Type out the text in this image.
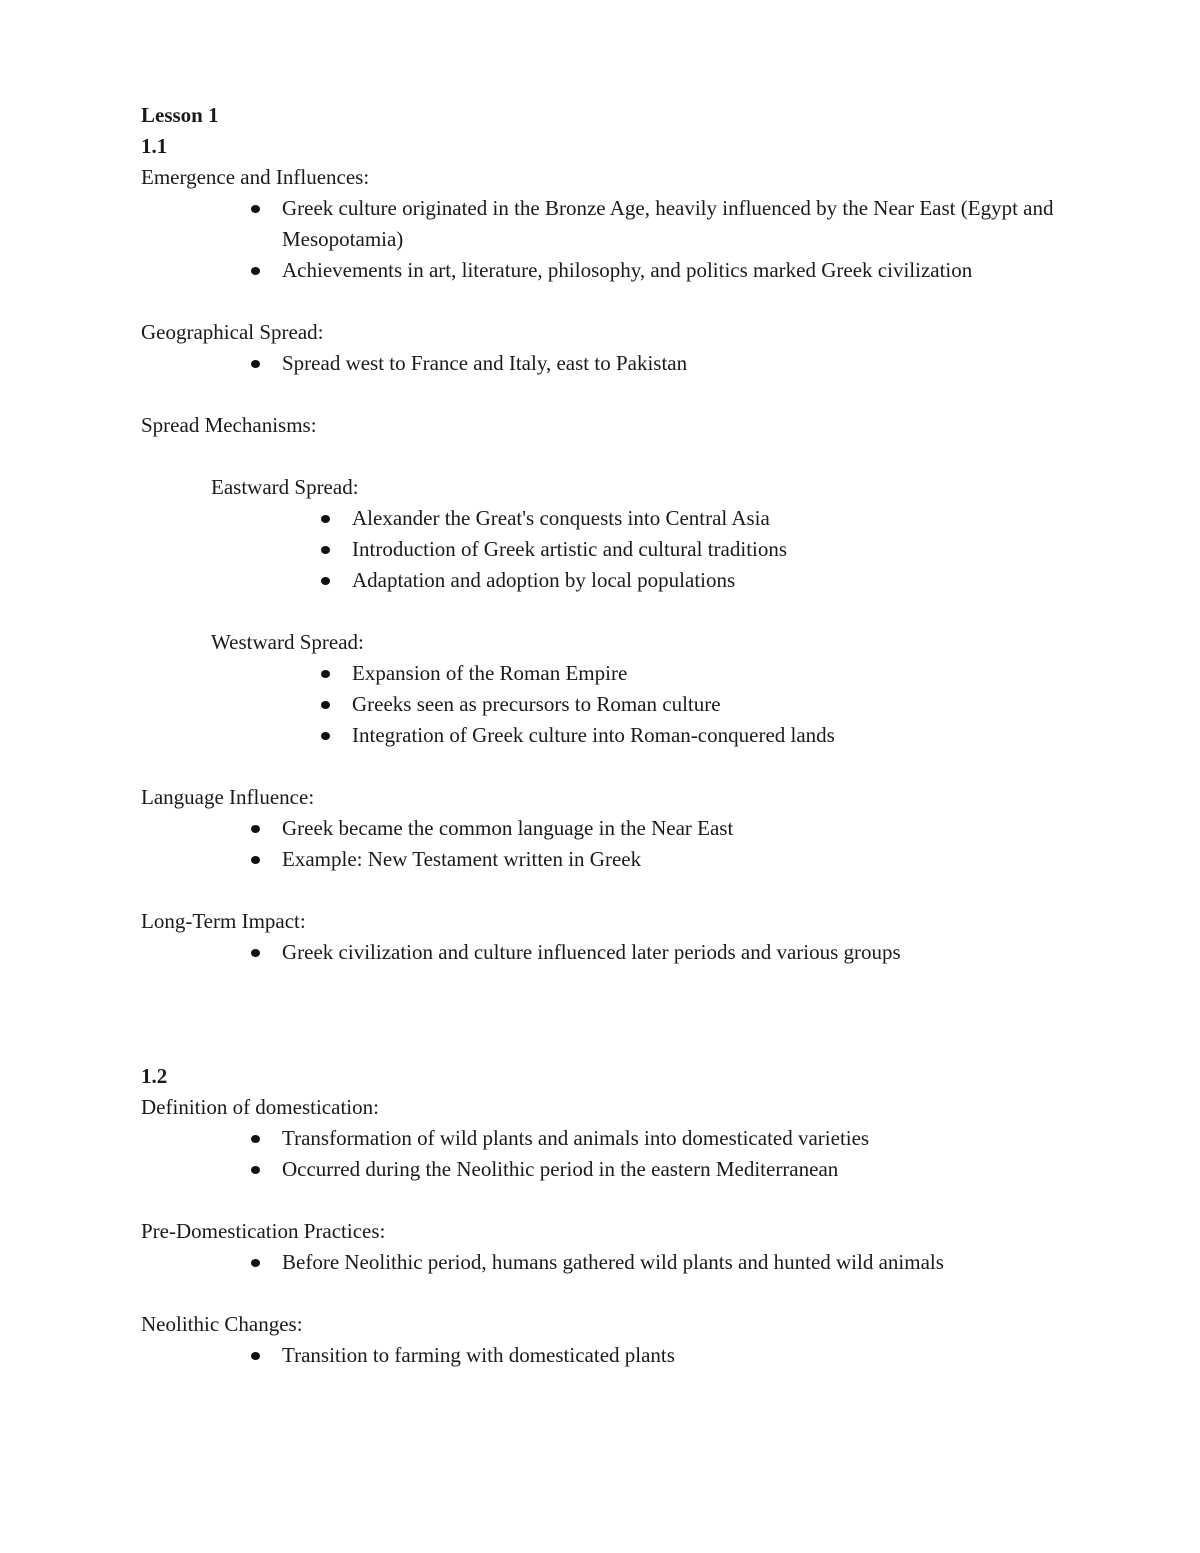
Lesson 1
1.1
Emergence and Influences:
Greek culture originated in the Bronze Age, heavily influenced by the Near East (Egypt and Mesopotamia)
Achievements in art, literature, philosophy, and politics marked Greek civilization
Geographical Spread:
Spread west to France and Italy, east to Pakistan
Spread Mechanisms:
Eastward Spread:
Alexander the Great's conquests into Central Asia
Introduction of Greek artistic and cultural traditions
Adaptation and adoption by local populations
Westward Spread:
Expansion of the Roman Empire
Greeks seen as precursors to Roman culture
Integration of Greek culture into Roman-conquered lands
Language Influence:
Greek became the common language in the Near East
Example: New Testament written in Greek
Long-Term Impact:
Greek civilization and culture influenced later periods and various groups
1.2
Definition of domestication:
Transformation of wild plants and animals into domesticated varieties
Occurred during the Neolithic period in the eastern Mediterranean
Pre-Domestication Practices:
Before Neolithic period, humans gathered wild plants and hunted wild animals
Neolithic Changes:
Transition to farming with domesticated plants
